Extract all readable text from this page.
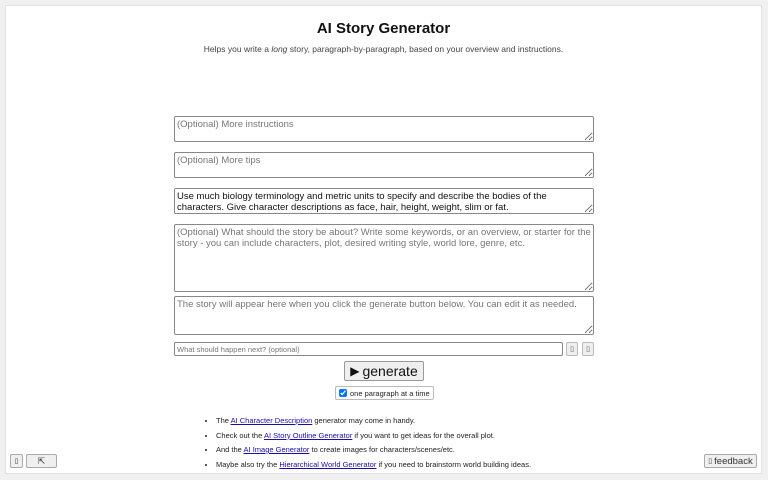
AI Story Generator
Helps you write a long story, paragraph-by-paragraph, based on your overview and instructions.
(Optional) More instructions
(Optional) More tips
Use much biology terminology and metric units to specify and describe the bodies of the characters. Give character descriptions as face, hair, height, weight, slim or fat.
(Optional) What should the story be about? Write some keywords, or an overview, or starter for the story - you can include characters, plot, desired writing style, world lore, genre, etc.
The story will appear here when you click the generate button below. You can edit it as needed.
What should happen next? (optional)
▯	▯
▶ generate
one paragraph at a time
• The AI Character Description generator may come in handy.
• Check out the AI Story Outline Generator if you want to get ideas for the overall plot.
• And the AI Image Generator to create images for characters/scenes/etc.
• Maybe also try the Hierarchical World Generator if you need to brainstorm world building ideas.
▯	⇱	▯ feedback
